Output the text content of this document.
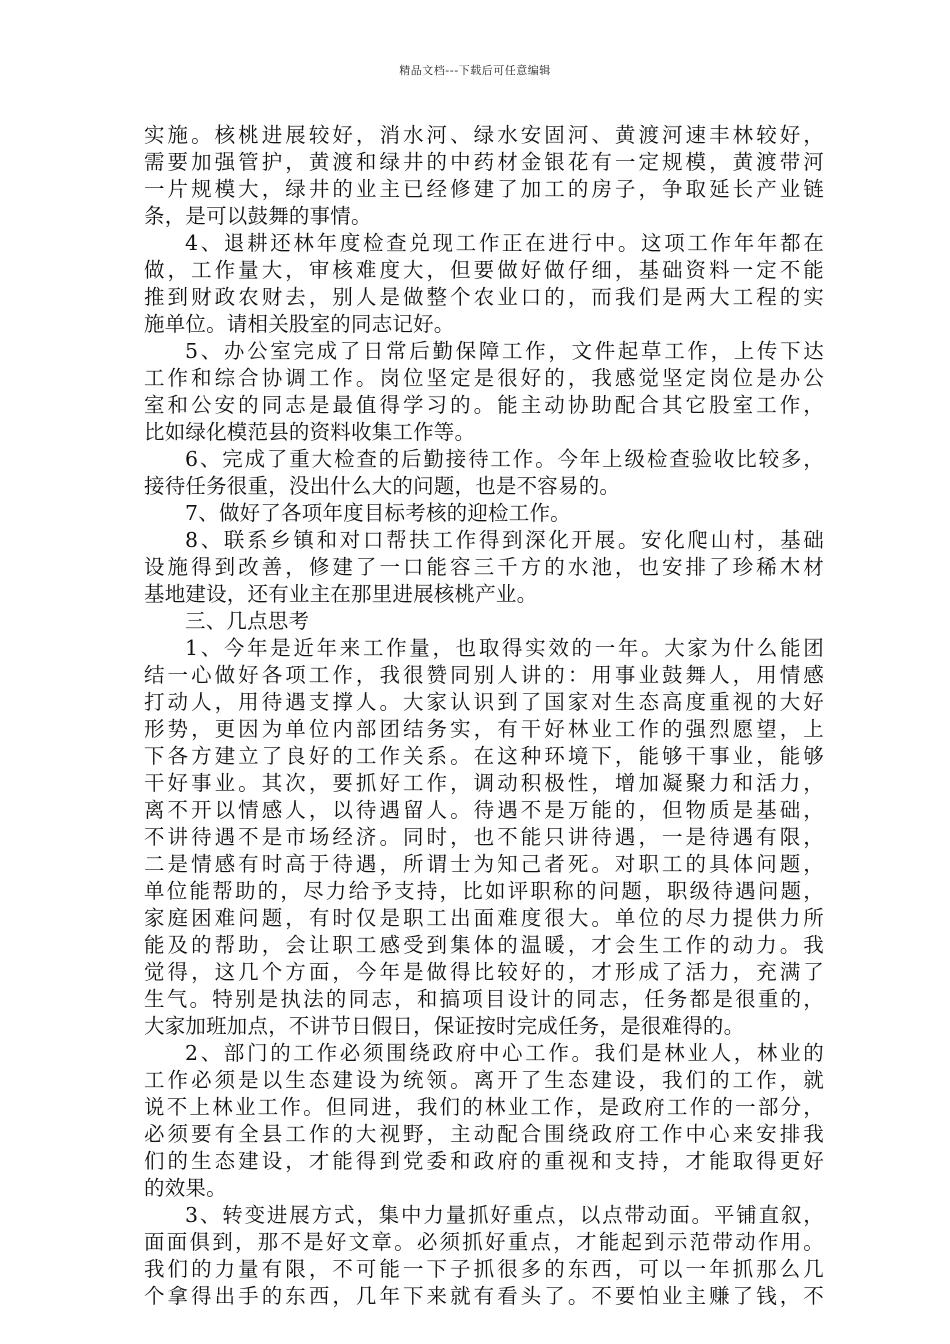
精品文档---下载后可任意编辑
实施。核桃进展较好，消水河、绿水安固河、黄渡河速丰林较好，
需要加强管护，黄渡和绿井的中药材金银花有一定规模，黄渡带河
一片规模大，绿井的业主已经修建了加工的房子，争取延长产业链
条，是可以鼓舞的事情。
4、退耕还林年度检查兑现工作正在进行中。这项工作年年都在
做，工作量大，审核难度大，但要做好做仔细，基础资料一定不能
推到财政农财去，别人是做整个农业口的，而我们是两大工程的实
施单位。请相关股室的同志记好。
5、办公室完成了日常后勤保障工作，文件起草工作，上传下达
工作和综合协调工作。岗位坚定是很好的，我感觉坚定岗位是办公
室和公安的同志是最值得学习的。能主动协助配合其它股室工作，
比如绿化模范县的资料收集工作等。
6、完成了重大检查的后勤接待工作。今年上级检查验收比较多，
接待任务很重，没出什么大的问题，也是不容易的。
7、做好了各项年度目标考核的迎检工作。
8、联系乡镇和对口帮扶工作得到深化开展。安化爬山村，基础
设施得到改善，修建了一口能容三千方的水池，也安排了珍稀木材
基地建设，还有业主在那里进展核桃产业。
三、几点思考
1、今年是近年来工作量，也取得实效的一年。大家为什么能团
结一心做好各项工作，我很赞同别人讲的：用事业鼓舞人，用情感
打动人，用待遇支撑人。大家认识到了国家对生态高度重视的大好
形势，更因为单位内部团结务实，有干好林业工作的强烈愿望，上
下各方建立了良好的工作关系。在这种环境下，能够干事业，能够
干好事业。其次，要抓好工作，调动积极性，增加凝聚力和活力，
离不开以情感人，以待遇留人。待遇不是万能的，但物质是基础，
不讲待遇不是市场经济。同时，也不能只讲待遇，一是待遇有限，
二是情感有时高于待遇，所谓士为知己者死。对职工的具体问题，
单位能帮助的，尽力给予支持，比如评职称的问题，职级待遇问题，
家庭困难问题，有时仅是职工出面难度很大。单位的尽力提供力所
能及的帮助，会让职工感受到集体的温暖，才会生工作的动力。我
觉得，这几个方面，今年是做得比较好的，才形成了活力，充满了
生气。特别是执法的同志，和搞项目设计的同志，任务都是很重的，
大家加班加点，不讲节日假日，保证按时完成任务，是很难得的。
2、部门的工作必须围绕政府中心工作。我们是林业人，林业的
工作必须是以生态建设为统领。离开了生态建设，我们的工作，就
说不上林业工作。但同进，我们的林业工作，是政府工作的一部分，
必须要有全县工作的大视野，主动配合围绕政府工作中心来安排我
们的生态建设，才能得到党委和政府的重视和支持，才能取得更好
的效果。
3、转变进展方式，集中力量抓好重点，以点带动面。平铺直叙，
面面俱到，那不是好文章。必须抓好重点，才能起到示范带动作用。
我们的力量有限，不可能一下子抓很多的东西，可以一年抓那么几
个拿得出手的东西，几年下来就有看头了。不要怕业主赚了钱，不
